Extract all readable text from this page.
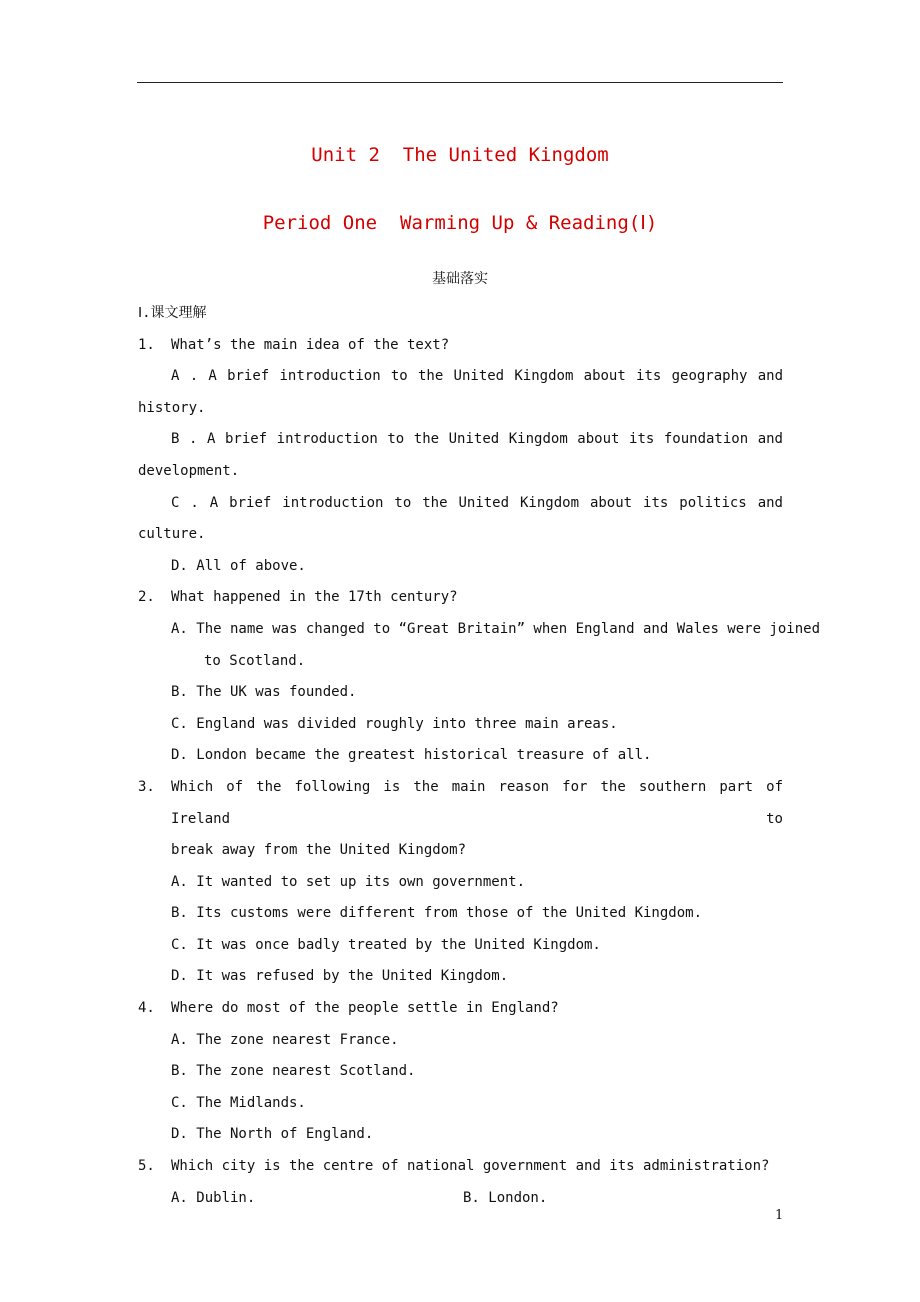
Unit 2  The United Kingdom
Period One  Warming Up & Reading(Ⅰ)
基础落实
Ⅰ.课文理解
1.	What’s the main idea of the text?
A . A brief introduction to the United Kingdom about its geography and
history.
B . A brief introduction to the United Kingdom about its foundation and
development.
C . A brief introduction to the United Kingdom about its politics and
culture.
D. All of above.
2.	What happened in the 17th century?
A. The name was changed to “Great Britain” when England and Wales were joined
to Scotland.
B. The UK was founded.
C. England was divided roughly into three main areas.
D. London became the greatest historical treasure of all.
3.	Which of the following is the main reason for the southern part of Ireland to
break away from the United Kingdom?
A. It wanted to set up its own government.
B. Its customs were different from those of the United Kingdom.
C. It was once badly treated by the United Kingdom.
D. It was refused by the United Kingdom.
4.	Where do most of the people settle in England?
A. The zone nearest France.
B. The zone nearest Scotland.
C. The Midlands.
D. The North of England.
5.	Which city is the centre of national government and its administration?
A. Dublin.	B. London.
1
